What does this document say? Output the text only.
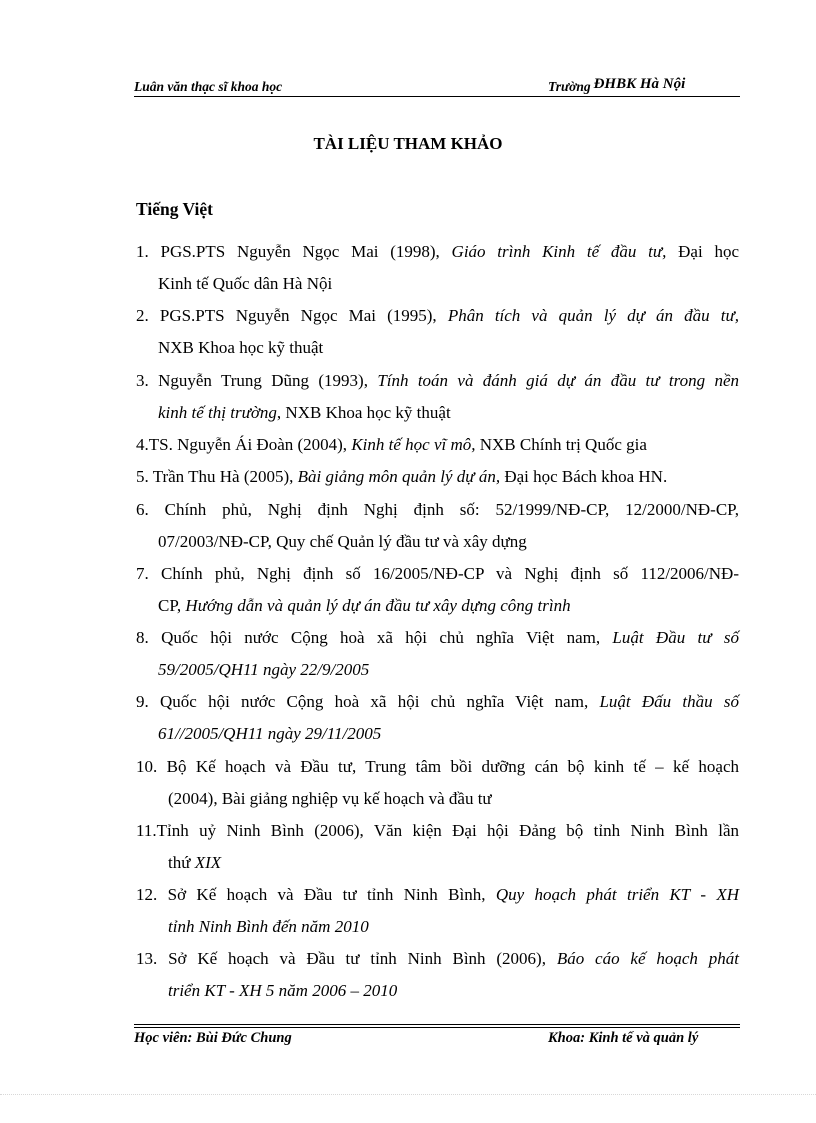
Luân văn thạc sĩ khoa học	Trường ĐHBK Hà Nội
TÀI LIỆU THAM KHẢO
Tiếng Việt
1. PGS.PTS Nguyễn Ngọc Mai (1998), Giáo trình Kinh tế đầu tư, Đại học
Kinh tế Quốc dân Hà Nội
2. PGS.PTS Nguyễn Ngọc Mai (1995), Phân tích và quản lý dự án đầu tư,
NXB Khoa học kỹ thuật
3. Nguyễn Trung Dũng (1993), Tính toán và đánh giá dự án đầu tư trong nền
kinh tế thị trường, NXB Khoa học kỹ thuật
4.TS. Nguyễn Ái Đoàn (2004), Kinh tế học vĩ mô, NXB Chính trị Quốc gia
5. Trần Thu Hà (2005), Bài giảng môn quản lý dự án, Đại học Bách khoa HN.
6. Chính phủ, Nghị định Nghị định số: 52/1999/NĐ-CP, 12/2000/NĐ-CP,
07/2003/NĐ-CP, Quy chế Quản lý đầu tư và xây dựng
7. Chính phủ, Nghị định số 16/2005/NĐ-CP và Nghị định số 112/2006/NĐ-
CP, Hướng dẫn và quản lý dự án đầu tư xây dựng công trình
8. Quốc hội nước Cộng hoà xã hội chủ nghĩa Việt nam, Luật Đầu tư số
59/2005/QH11 ngày 22/9/2005
9. Quốc hội nước Cộng hoà xã hội chủ nghĩa Việt nam, Luật Đấu thầu số
61//2005/QH11 ngày 29/11/2005
10. Bộ Kế hoạch và Đầu tư, Trung tâm bồi dưỡng cán bộ kinh tế – kế hoạch
(2004), Bài giảng nghiệp vụ kế hoạch và đầu tư
11.Tỉnh uỷ Ninh Bình (2006), Văn kiện Đại hội Đảng bộ tỉnh Ninh Bình lần
thứ XIX
12. Sở Kế hoạch và Đầu tư tỉnh Ninh Bình, Quy hoạch phát triển KT - XH
tỉnh Ninh Bình đến năm 2010
13. Sở Kế hoạch và Đầu tư tỉnh Ninh Bình (2006), Báo cáo kế hoạch phát
triển KT - XH 5 năm 2006 – 2010
Học viên: Bùi Đức Chung	Khoa: Kinh tế và quản lý
